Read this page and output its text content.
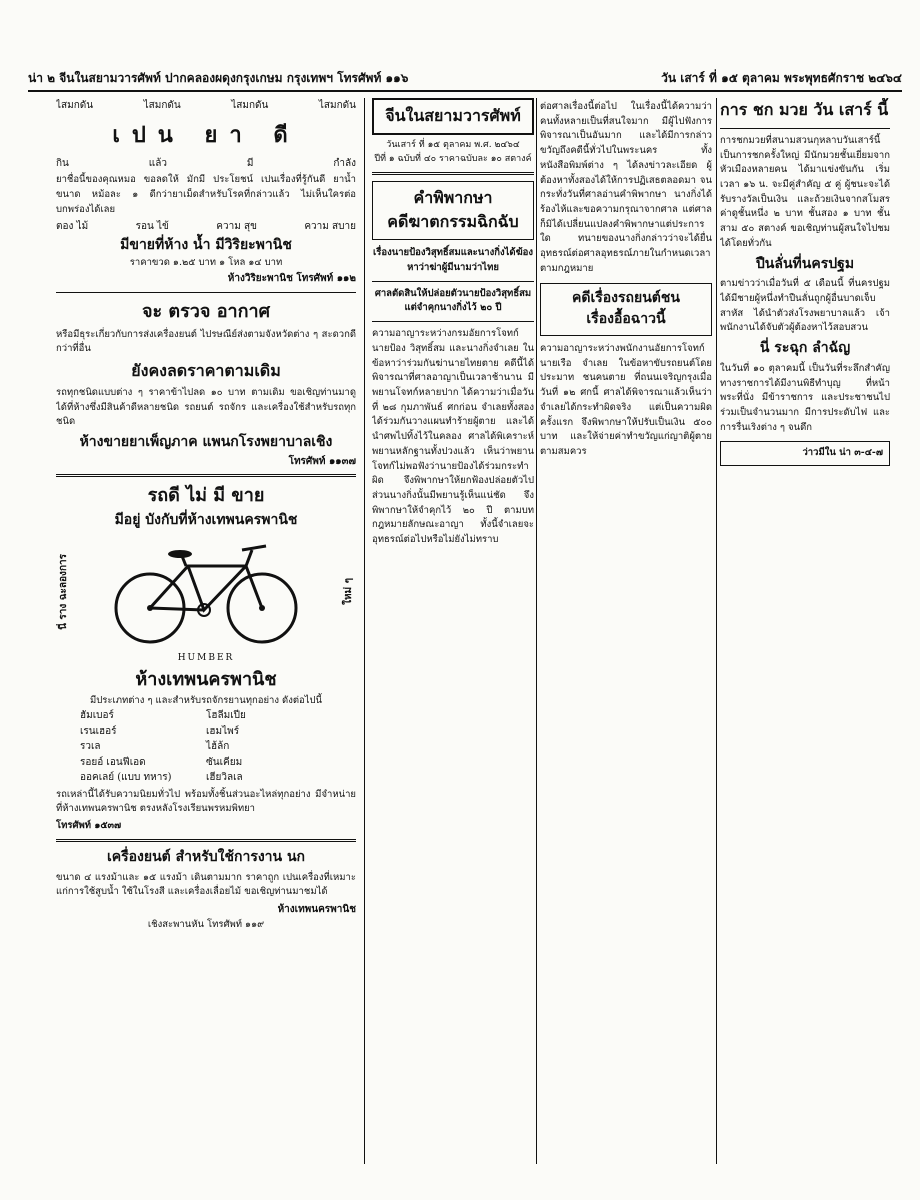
น่า ๒ จีนในสยามวารศัพท์ ปากคลองผดุงกรุงเกษม กรุงเทพฯ โทรศัพท์ ๑๑๖	วัน เสาร์ ที่ ๑๕ ตุลาคม พระพุทธศักราช ๒๔๖๔
ไสมกดัน	ไสมกดัน	ไสมกดัน	ไสมกดัน
เปน ยา ดี
กิน	แล้ว	มี	กำลัง

ยาชื่อนี้ของคุณหมอ ขอลดให้ มักมี ประโยชน์ เปนเรื่องที่รู้กันดี ยาน้ำ ขนาด หม้อละ ๑ ดีกว่ายาเม็ดสำหรับโรคที่กล่าวแล้ว ไม่เห็นใครต่อบกพร่องได้เลย

ตอง ไม้	รอน ไข้	ความ สุข	ความ สบาย
มีขายที่ห้าง น้ำ มีวิริยะพานิช
ราคาขวด ๑.๒๕ บาท ๑ โหล ๑๔ บาท
ห้างวิริยะพานิช โทรศัพท์ ๑๑๒
จะ ตรวจ อากาศ

หรือมีธุระเกี่ยวกับการส่งเครื่องยนต์ ไปรษณีย์ส่งตามจังหวัดต่าง ๆ สะดวกดีกว่าที่อื่น

ยังคงลดราคาตามเดิม

รถทุกชนิดแบบต่าง ๆ ราคาข้าไปลด ๑๐ บาท ตามเดิม ขอเชิญท่านมาดูได้ที่ห้างซึ่งมีสินค้าดีหลายชนิด รถยนต์ รถจักร และเครื่องใช้สำหรับรถทุกชนิด

ห้างขายยาเพ็ญภาค แพนกโรงพยาบาลเชิง
โทรศัพท์ ๑๑๓๗
รถดี ไม่ มี ขาย
มีอยู่ บังกับที่ห้างเทพนครพานิช
นี่ ราง ฉะลองการ	ใหม่ ๆ
HUMBER
ห้างเทพนครพานิช
มีประเภทต่าง ๆ และสำหรับรถจักรยานทุกอย่าง ดังต่อไปนี้
ฮัมเบอร์	โฮลีมเปีย
เรนเฮอร์	เฮมไพร์
รวเล	ไฮ้ล้ก
รอยอ์ เอนฟีเอด	ซันเคียม
ออคเลย์ (แบบ ทหาร)	เฮียวิลเล

รถเหล่านี้ได้รับความนิยมทั่วไป พร้อมทั้งชิ้นส่วนอะไหล่ทุกอย่าง มีจำหน่ายที่ห้างเทพนครพานิช ตรงหลังโรงเรียนพรหมพิทยา

โทรศัพท์ ๑๕๓๗
เครื่องยนต์ สำหรับใช้การงาน นก

ขนาด ๔ แรงม้าและ ๑๕ แรงม้า เดินตามมาก ราคาถูก เปนเครื่องที่เหมาะแก่การใช้สูบน้ำ ใช้ในโรงสี และเครื่องเลื่อยไม้ ขอเชิญท่านมาชมได้

ห้างเทพนครพานิช
เชิงสะพานหัน โทรศัพท์ ๑๑๙
จีนในสยามวารศัพท์
วันเสาร์ ที่ ๑๕ ตุลาคม พ.ศ. ๒๔๖๔
ปีที่ ๑ ฉบับที่ ๔๐ ราคาฉบับละ ๑๐ สตางค์
คำพิพากษา
คดีฆาตกรรมฉิกฉับ
เรื่องนายป้องวิสุทธิ์สมและนางกิ่งได้ฆ้องหาว่าฆ่าผู้มีนามว่าไทย
ศาลตัดสินให้ปล่อยตัวนายป้องวิสุทธิ์สมแต่จำคุกนางกิ่งไว้ ๒๐ ปี

ความอาญาระหว่างกรมอัยการโจทก์ นายป้อง วิสุทธิ์สม และนางกิ่งจำเลย ในข้อหาว่าร่วมกันฆ่านายไทยตาย คดีนี้ได้พิจารณาที่ศาลอาญาเป็นเวลาช้านาน มีพยานโจทก์หลายปาก ได้ความว่าเมื่อวันที่ ๒๘ กุมภาพันธ์ ศกก่อน จำเลยทั้งสองได้ร่วมกันวางแผนทำร้ายผู้ตาย และได้นำศพไปทิ้งไว้ในคลอง ศาลได้พิเคราะห์พยานหลักฐานทั้งปวงแล้ว เห็นว่าพยานโจทก์ไม่พอฟังว่านายป้องได้ร่วมกระทำผิด จึงพิพากษาให้ยกฟ้องปล่อยตัวไป ส่วนนางกิ่งนั้นมีพยานรู้เห็นแน่ชัด จึงพิพากษาให้จำคุกไว้ ๒๐ ปี ตามบทกฎหมายลักษณะอาญา ทั้งนี้จำเลยจะอุทธรณ์ต่อไปหรือไม่ยังไม่ทราบ

ต่อศาลเรื่องนี้ต่อไป ในเรื่องนี้ได้ความว่าคนทั้งหลายเป็นที่สนใจมาก มีผู้ไปฟังการพิจารณาเป็นอันมาก และได้มีการกล่าวขวัญถึงคดีนี้ทั่วไปในพระนคร ทั้งหนังสือพิมพ์ต่าง ๆ ได้ลงข่าวละเอียด ผู้ต้องหาทั้งสองได้ให้การปฏิเสธตลอดมา จนกระทั่งวันที่ศาลอ่านคำพิพากษา นางกิ่งได้ร้องไห้และขอความกรุณาจากศาล แต่ศาลก็มิได้เปลี่ยนแปลงคำพิพากษาแต่ประการใด ทนายของนางกิ่งกล่าวว่าจะได้ยื่นอุทธรณ์ต่อศาลอุทธรณ์ภายในกำหนดเวลาตามกฎหมาย

คดีเรื่องรถยนต์ชน
เรื่องอื้อฉาวนี้

ความอาญาระหว่างพนักงานอัยการโจทก์ นายเรือ จำเลย ในข้อหาขับรถยนต์โดยประมาท ชนคนตาย ที่ถนนเจริญกรุงเมื่อวันที่ ๑๒ ศกนี้ ศาลได้พิจารณาแล้วเห็นว่าจำเลยได้กระทำผิดจริง แต่เป็นความผิดครั้งแรก จึงพิพากษาให้ปรับเป็นเงิน ๕๐๐ บาท และให้จ่ายค่าทำขวัญแก่ญาติผู้ตายตามสมควร

การ ชก มวย วัน เสาร์ นี้

การชกมวยที่สนามสวนกุหลาบวันเสาร์นี้ เป็นการชกครั้งใหญ่ มีนักมวยชั้นเยี่ยมจากหัวเมืองหลายคน ได้มาแข่งขันกัน เริ่มเวลา ๑๖ น. จะมีคู่สำคัญ ๕ คู่ ผู้ชนะจะได้รับรางวัลเป็นเงิน และถ้วยเงินจากสโมสร ค่าดูชั้นหนึ่ง ๒ บาท ชั้นสอง ๑ บาท ชั้นสาม ๕๐ สตางค์ ขอเชิญท่านผู้สนใจไปชมได้โดยทั่วกัน

ปืนลั่นที่นครปฐม

ตามข่าวว่าเมื่อวันที่ ๕ เดือนนี้ ที่นครปฐม ได้มีชายผู้หนึ่งทำปืนลั่นถูกผู้อื่นบาดเจ็บสาหัส ได้นำตัวส่งโรงพยาบาลแล้ว เจ้าพนักงานได้จับตัวผู้ต้องหาไว้สอบสวน

นี่ ระฉุก ลำฉัญ

ในวันที่ ๑๐ ตุลาคมนี้ เป็นวันที่ระลึกสำคัญ ทางราชการได้มีงานพิธีทำบุญ ที่หน้าพระที่นั่ง มีข้าราชการ และประชาชนไปร่วมเป็นจำนวนมาก มีการประดับไฟ และการรื่นเริงต่าง ๆ จนดึก

ว่าวมีใน น่า ๓-๔-๗
